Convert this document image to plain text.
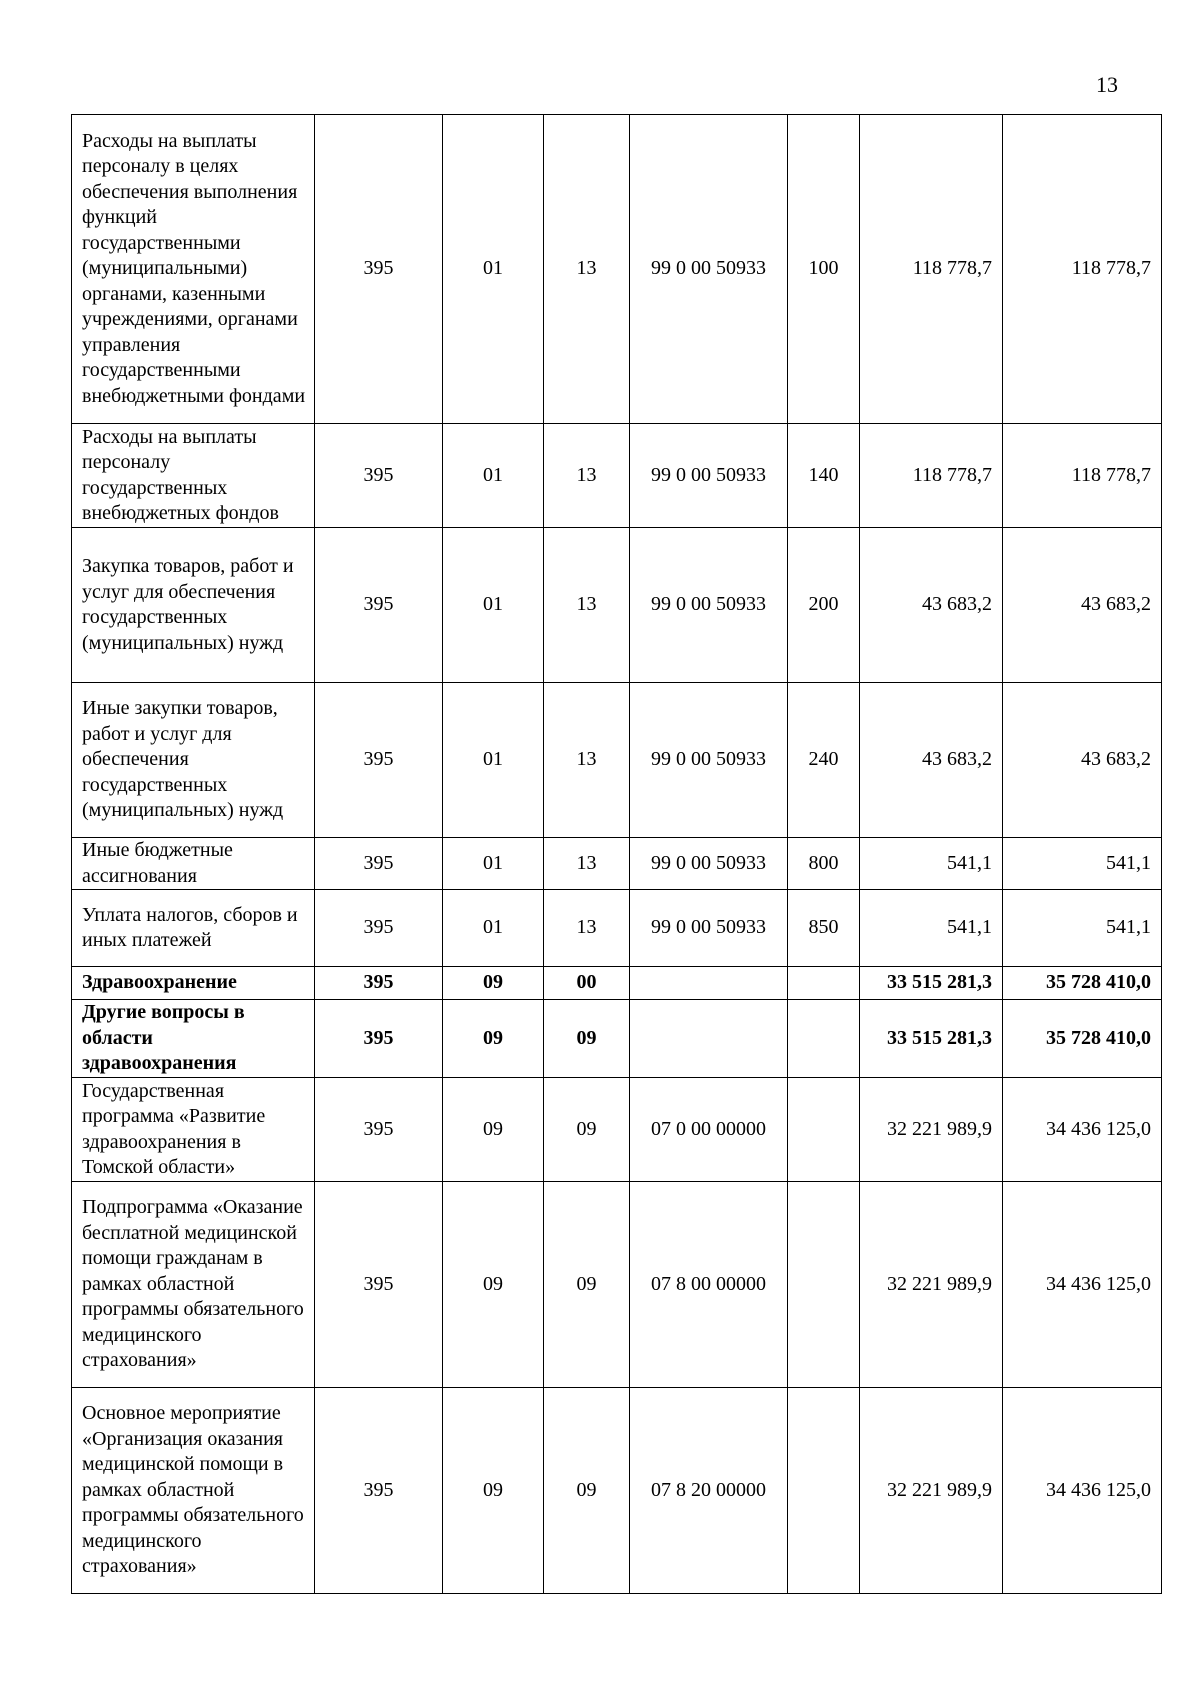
13
Расходы на выплаты персоналу в целях обеспечения выполнения функций государственными (муниципальными) органами, казенными учреждениями, органами управления государственными внебюджетными фондами	395	01	13	99 0 00 50933	100	118 778,7	118 778,7
Расходы на выплаты персоналу государственных внебюджетных фондов	395	01	13	99 0 00 50933	140	118 778,7	118 778,7
Закупка товаров, работ и услуг для обеспечения государственных (муниципальных) нужд	395	01	13	99 0 00 50933	200	43 683,2	43 683,2
Иные закупки товаров, работ и услуг для обеспечения государственных (муниципальных) нужд	395	01	13	99 0 00 50933	240	43 683,2	43 683,2
Иные бюджетные ассигнования	395	01	13	99 0 00 50933	800	541,1	541,1
Уплата налогов, сборов и иных платежей	395	01	13	99 0 00 50933	850	541,1	541,1
Здравоохранение	395	09	00			33 515 281,3	35 728 410,0
Другие вопросы в области здравоохранения	395	09	09			33 515 281,3	35 728 410,0
Государственная программа «Развитие здравоохранения в Томской области»	395	09	09	07 0 00 00000		32 221 989,9	34 436 125,0
Подпрограмма «Оказание бесплатной медицинской помощи гражданам в рамках областной программы обязательного медицинского страхования»	395	09	09	07 8 00 00000		32 221 989,9	34 436 125,0
Основное мероприятие «Организация оказания медицинской помощи в рамках областной программы обязательного медицинского страхования»	395	09	09	07 8 20 00000		32 221 989,9	34 436 125,0
